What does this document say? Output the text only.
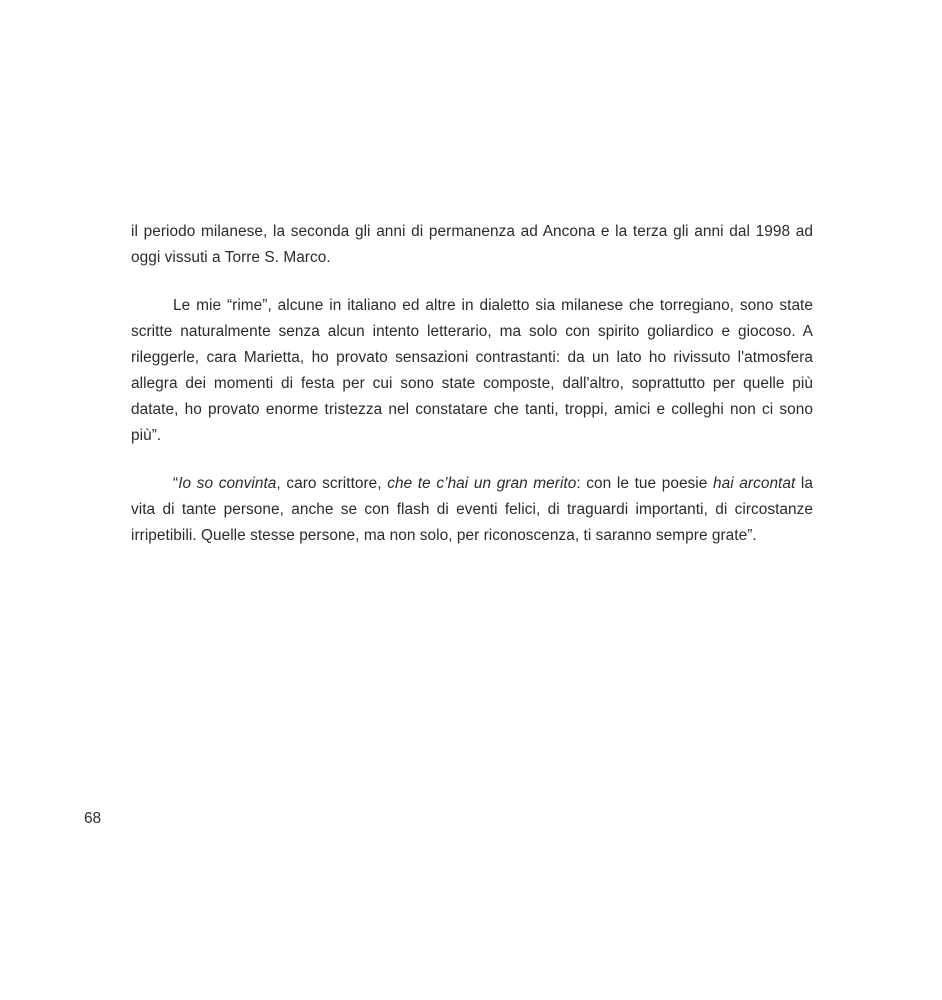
il periodo milanese, la seconda gli anni di permanenza ad Ancona e la terza gli anni dal 1998 ad oggi vissuti a Torre S. Marco.

Le mie “rime”, alcune in italiano ed altre in dialetto sia milanese che torregiano, sono state scritte naturalmente senza alcun intento letterario, ma solo con spirito goliardico e giocoso. A rileggerle, cara Marietta, ho provato sensazioni contrastanti: da un lato ho rivissuto l'atmosfera allegra dei momenti di festa per cui sono state composte, dall'altro, soprattutto per quelle più datate, ho provato enorme tristezza nel constatare che tanti, troppi, amici e colleghi non ci sono più”.

“Io so convinta, caro scrittore, che te c’hai un gran merito: con le tue poesie hai arcontat la vita di tante persone, anche se con flash di eventi felici, di traguardi importanti, di circostanze irripetibili. Quelle stesse persone, ma non solo, per riconoscenza, ti saranno sempre grate”.

68
